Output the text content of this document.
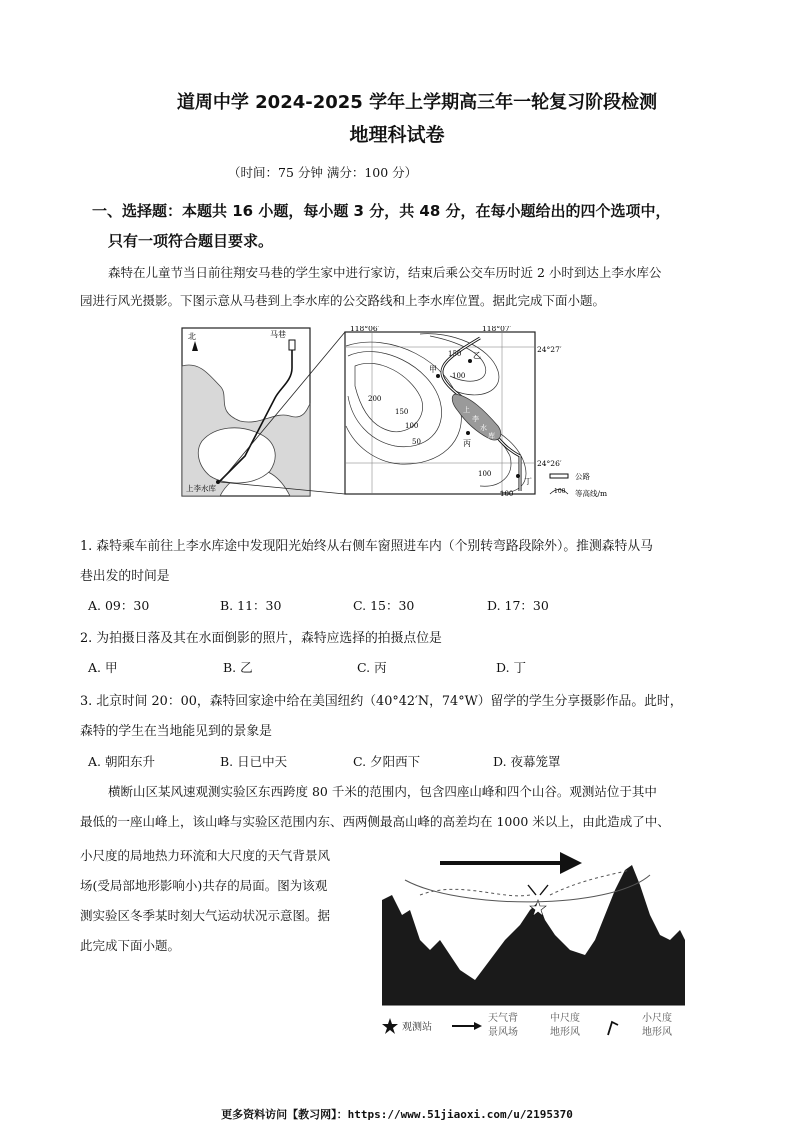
道周中学 2024-2025 学年上学期高三年一轮复习阶段检测
地理科试卷
（时间：75 分钟 满分：100 分）
一、选择题：本题共 16 小题，每小题 3 分，共 48 分，在每小题给出的四个选项中，
只有一项符合题目要求。
森特在儿童节当日前往翔安马巷的学生家中进行家访，结束后乘公交车历时近 2 小时到达上李水库公
园进行风光摄影。下图示意从马巷到上李水库的公交路线和上李水库位置。据此完成下面小题。
北	马巷
上李水库
118°06′	118°07′
24°27′
24°26′
上
李
水
库
甲
乙
丙
丁
150
100
200
150
100
50
100
100
公路
100 等高线/m
1. 森特乘车前往上李水库途中发现阳光始终从右侧车窗照进车内（个别转弯路段除外）。推测森特从马
巷出发的时间是
A. 09：30	B. 11：30	C. 15：30	D. 17：30
2. 为拍摄日落及其在水面倒影的照片，森特应选择的拍摄点位是
A. 甲	B. 乙	C. 丙	D. 丁
3. 北京时间 20：00，森特回家途中给在美国纽约（40°42′N，74°W）留学的学生分享摄影作品。此时，
森特的学生在当地能见到的景象是
A. 朝阳东升	B. 日已中天	C. 夕阳西下	D. 夜幕笼罩
横断山区某风速观测实验区东西跨度 80 千米的范围内，包含四座山峰和四个山谷。观测站位于其中
最低的一座山峰上，该山峰与实验区范围内东、西两侧最高山峰的高差均在 1000 米以上，由此造成了中、
小尺度的局地热力环流和大尺度的天气背景风
场(受局部地形影响小)共存的局面。图为该观
测实验区冬季某时刻大气运动状况示意图。据
此完成下面小题。
观测站
天气背
景风场
中尺度
地形风
小尺度
地形风
更多资料访问【教习网】：https://www.51jiaoxi.com/u/2195370
